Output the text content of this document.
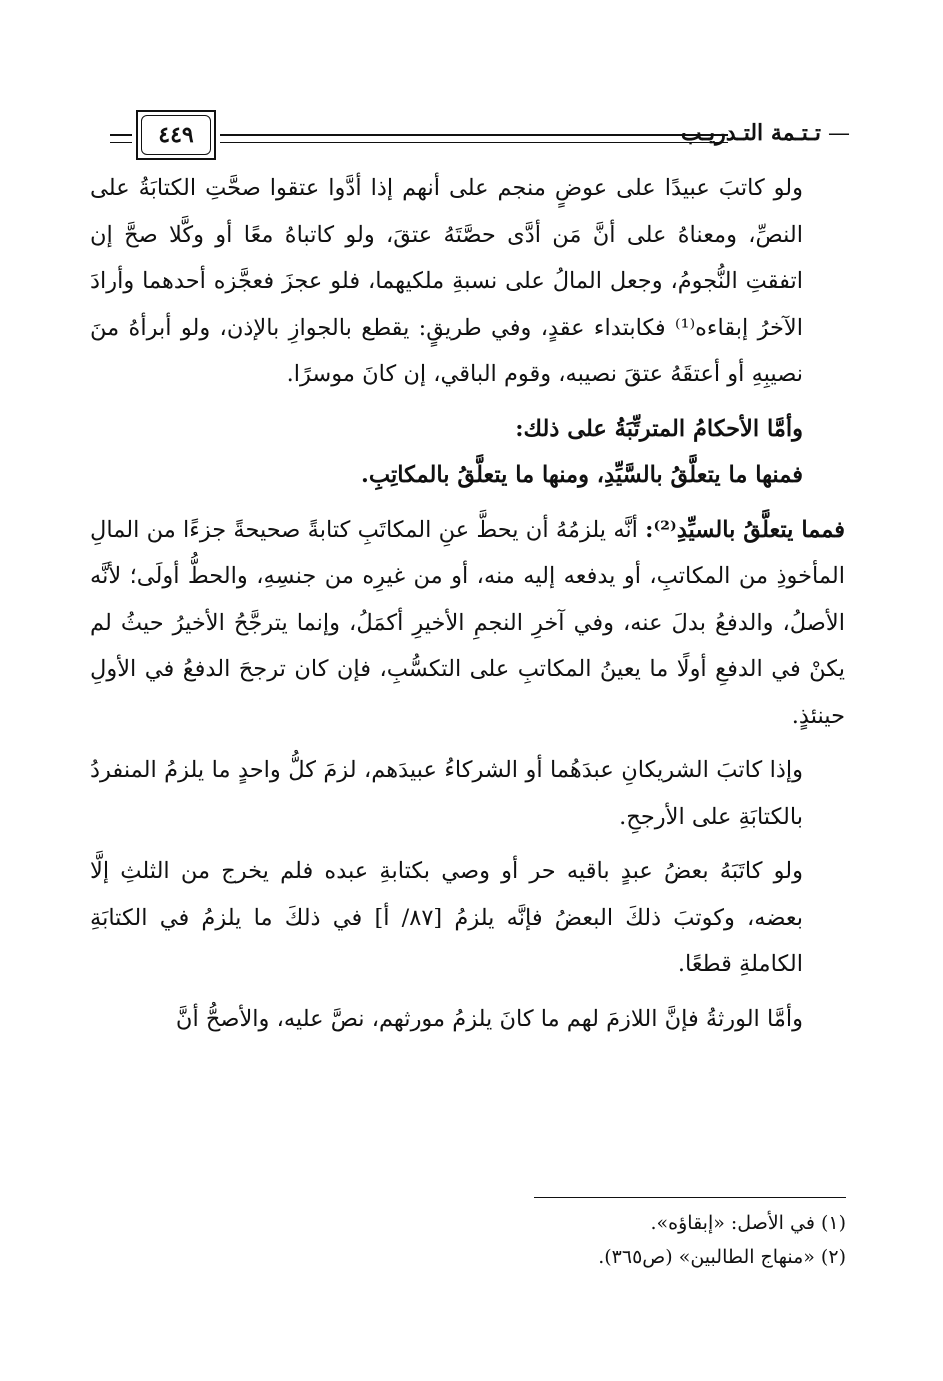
— تـتـمة التـدريـب
٤٤٩

ولو كاتبَ عبيدًا على عوضٍ منجم على أنهم إذا أدَّوا عتقوا صحَّتِ الكتابَةُ على النصِّ، ومعناهُ على أنَّ مَن أدَّى حصَّتَهُ عتقَ، ولو كاتباهُ معًا أو وكَّلا صحَّ إن اتفقتِ النُّجومُ، وجعل المالُ على نسبةِ ملكيهما، فلو عجزَ فعجَّزه أحدهما وأرادَ الآخرُ إبقاءه⁽¹⁾ فكابتداء عقدٍ، وفي طريقٍ: يقطع بالجوازِ بالإذن، ولو أبرأهُ منَ نصيبِهِ أو أعتقَهُ عتقَ نصيبه، وقوم الباقي، إن كانَ موسرًا.

وأمَّا الأحكامُ المترتِّبَةُ على ذلك:

فمنها ما يتعلَّقُ بالسَّيِّدِ، ومنها ما يتعلَّقُ بالمكاتِبِ.

فمما يتعلَّقُ بالسيِّدِ⁽²⁾: أنَّه يلزمُهُ أن يحطَّ عنِ المكاتَبِ كتابةً صحيحةً جزءًا من المالِ المأخوذِ من المكاتبِ، أو يدفعه إليه منه، أو من غيرِه من جنسِهِ، والحطُّ أولَى؛ لأنَّه الأصلُ، والدفعُ بدلَ عنه، وفي آخرِ النجمِ الأخيرِ أكمَلُ، وإنما يترجَّحُ الأخيرُ حيثُ لم يكنْ في الدفعِ أولًا ما يعينُ المكاتبِ على التكسُّبِ، فإن كان ترجحَ الدفعُ في الأولِ حينئذٍ.

وإذا كاتبَ الشريكانِ عبدَهُما أو الشركاءُ عبيدَهم، لزمَ كلُّ واحدٍ ما يلزمُ المنفردُ بالكتابَةِ على الأرجحِ.

ولو كاتَبَهُ بعضُ عبدٍ باقيه حر أو وصي بكتابةِ عبده فلم يخرج من الثلثِ إلَّا بعضه، وكوتبَ ذلكَ البعضُ فإنَّه يلزمُ [٨٧/ أ] في ذلكَ ما يلزمُ في الكتابَةِ الكاملةِ قطعًا.

وأمَّا الورثةُ فإنَّ اللازمَ لهم ما كانَ يلزمُ مورثهم، نصَّ عليه، والأصحُّ أنَّ

(١) في الأصل: «إبقاؤه».
(٢) «منهاج الطالبين» (ص٣٦٥).
